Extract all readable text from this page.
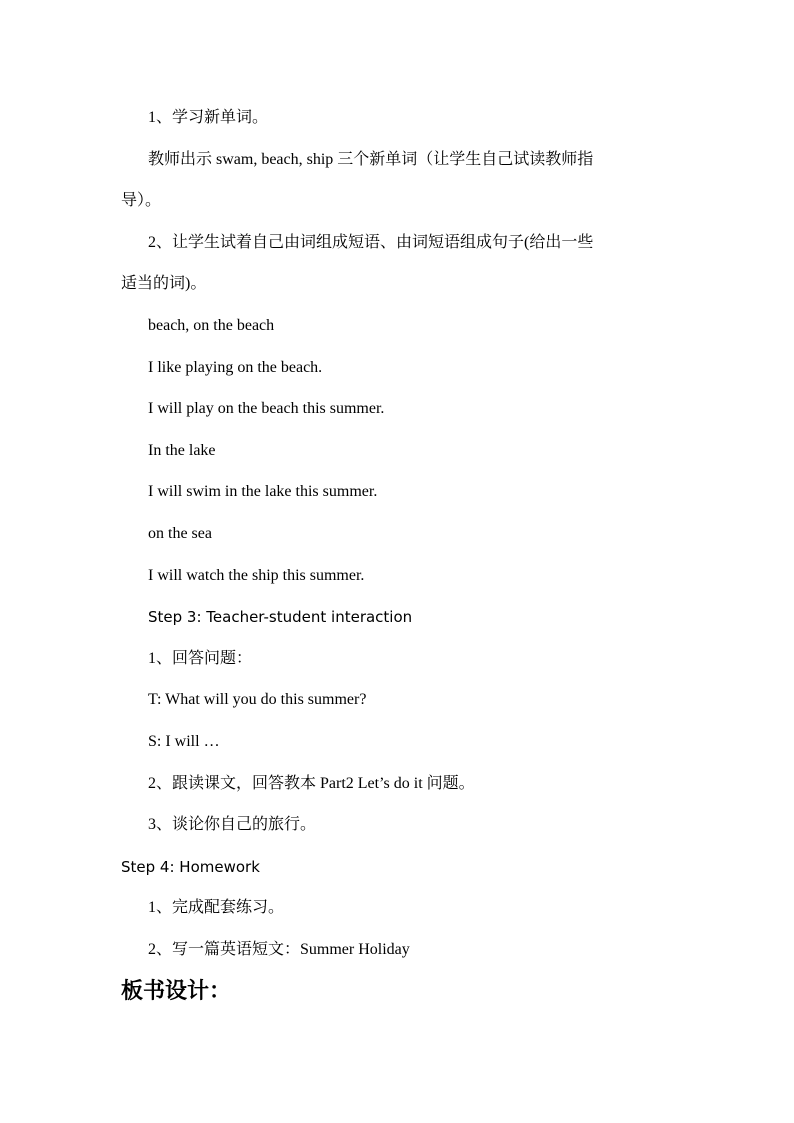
1、学习新单词。
教师出示 swam, beach, ship 三个新单词（让学生自己试读教师指
导）。
2、让学生试着自己由词组成短语、由词短语组成句子(给出一些
适当的词)。
beach, on the beach
I like playing on the beach.
I will play on the beach this summer.
In the lake
I will swim in the lake this summer.
on the sea
I will watch the ship this summer.
Step 3: Teacher-student interaction
1、回答问题：
T: What will you do this summer?
S: I will …
2、跟读课文，回答教本 Part2 Let’s do it 问题。
3、谈论你自己的旅行。
Step 4: Homework
1、完成配套练习。
2、写一篇英语短文：Summer Holiday
板书设计：
